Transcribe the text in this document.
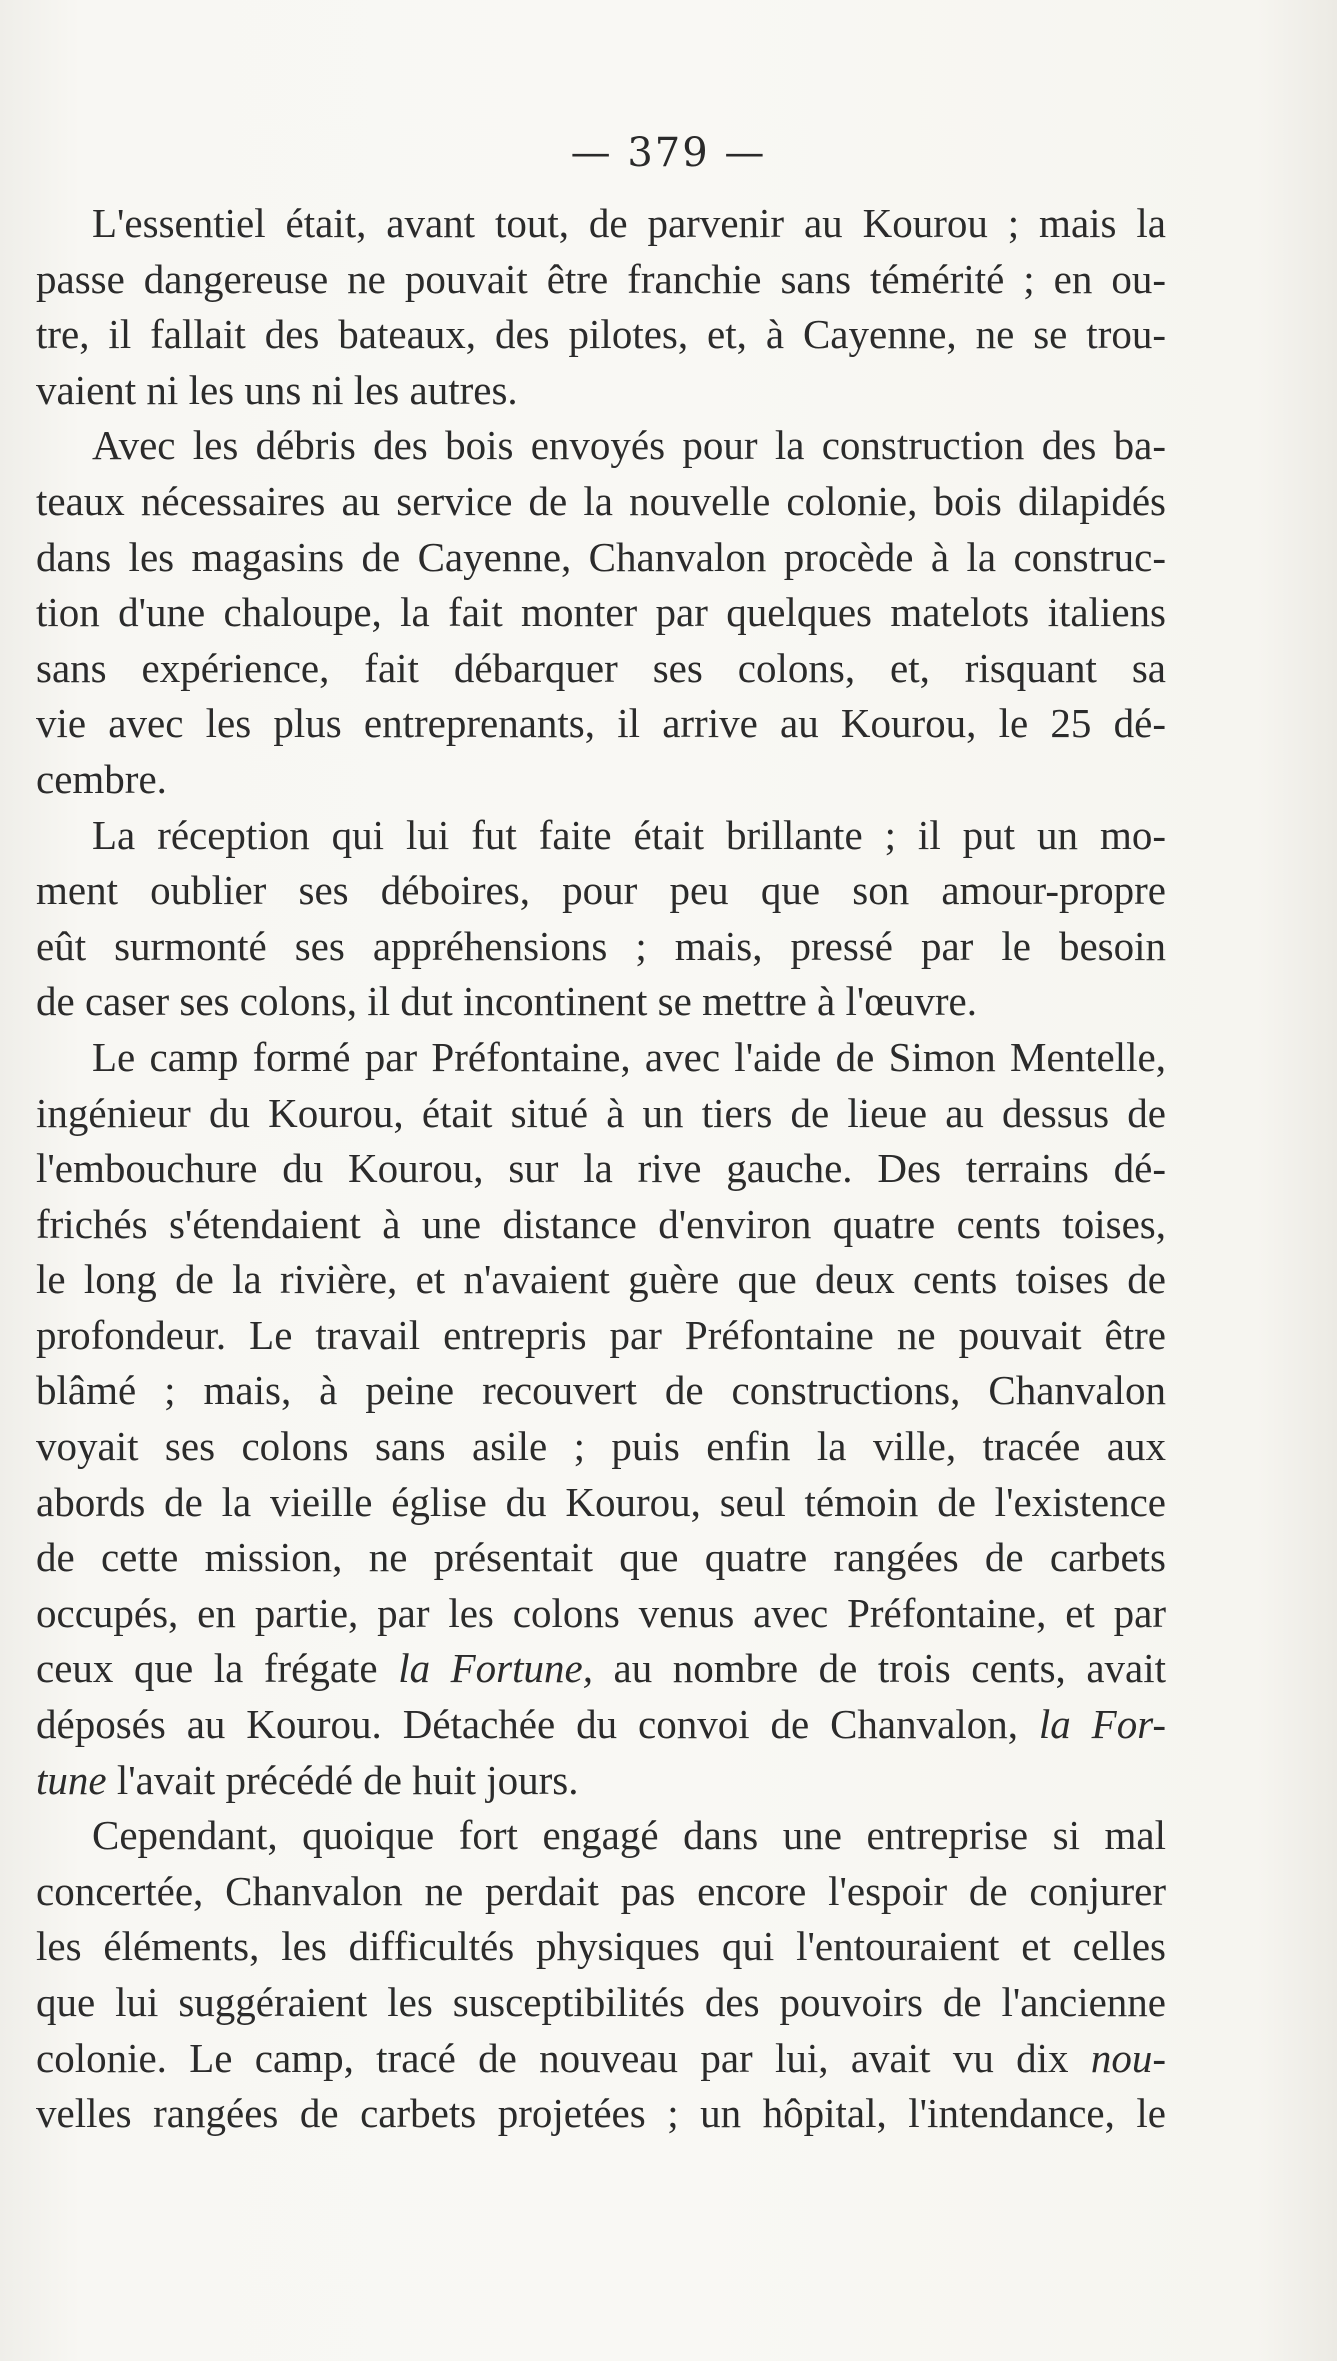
— 379 —
L'essentiel était, avant tout, de parvenir au Kourou ; mais la
passe dangereuse ne pouvait être franchie sans témérité ; en ou-
tre, il fallait des bateaux, des pilotes, et, à Cayenne, ne se trou-
vaient ni les uns ni les autres.
Avec les débris des bois envoyés pour la construction des ba-
teaux nécessaires au service de la nouvelle colonie, bois dilapidés
dans les magasins de Cayenne, Chanvalon procède à la construc-
tion d'une chaloupe, la fait monter par quelques matelots italiens
sans expérience, fait débarquer ses colons, et, risquant sa
vie avec les plus entreprenants, il arrive au Kourou, le 25 dé-
cembre.
La réception qui lui fut faite était brillante ; il put un mo-
ment oublier ses déboires, pour peu que son amour-propre
eût surmonté ses appréhensions ; mais, pressé par le besoin
de caser ses colons, il dut incontinent se mettre à l'œuvre.
Le camp formé par Préfontaine, avec l'aide de Simon Mentelle,
ingénieur du Kourou, était situé à un tiers de lieue au dessus de
l'embouchure du Kourou, sur la rive gauche. Des terrains dé-
frichés s'étendaient à une distance d'environ quatre cents toises,
le long de la rivière, et n'avaient guère que deux cents toises de
profondeur. Le travail entrepris par Préfontaine ne pouvait être
blâmé ; mais, à peine recouvert de constructions, Chanvalon
voyait ses colons sans asile ; puis enfin la ville, tracée aux
abords de la vieille église du Kourou, seul témoin de l'existence
de cette mission, ne présentait que quatre rangées de carbets
occupés, en partie, par les colons venus avec Préfontaine, et par
ceux que la frégate la Fortune, au nombre de trois cents, avait
déposés au Kourou. Détachée du convoi de Chanvalon, la For-
tune l'avait précédé de huit jours.
Cependant, quoique fort engagé dans une entreprise si mal
concertée, Chanvalon ne perdait pas encore l'espoir de conjurer
les éléments, les difficultés physiques qui l'entouraient et celles
que lui suggéraient les susceptibilités des pouvoirs de l'ancienne
colonie. Le camp, tracé de nouveau par lui, avait vu dix nou-
velles rangées de carbets projetées ; un hôpital, l'intendance, le
